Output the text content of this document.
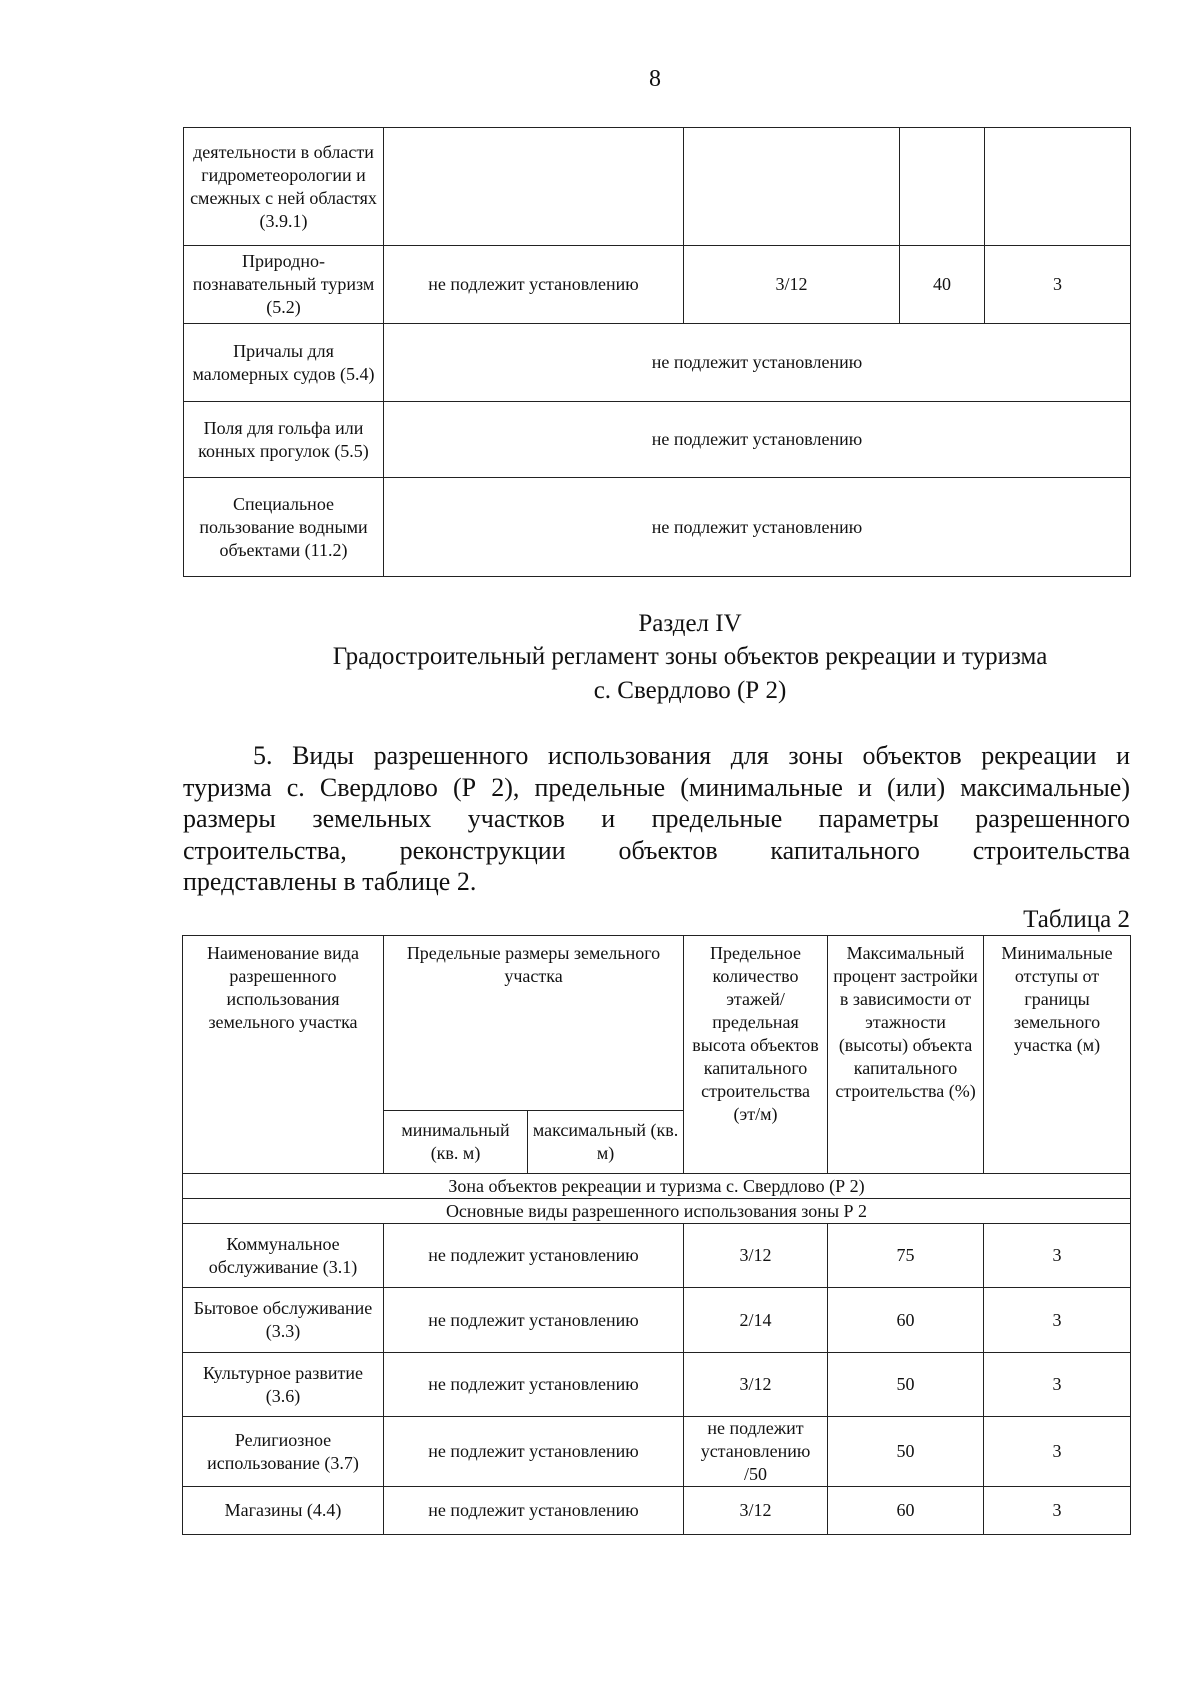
8
деятельности в области гидрометеорологии и смежных с ней областях (3.9.1)				
Природно-познавательный туризм (5.2)	не подлежит установлению	3/12	40	3
Причалы для маломерных судов (5.4)	не подлежит установлению			
Поля для гольфа или конных прогулок (5.5)	не подлежит установлению			
Специальное пользование водными объектами (11.2)	не подлежит установлению			
Раздел IV
Градостроительный регламент зоны объектов рекреации и туризма
с. Свердлово (Р 2)
5. Виды разрешенного использования для зоны объектов рекреации и
туризма с. Свердлово (Р 2), предельные (минимальные и (или) максимальные)
размеры земельных участков и предельные параметры разрешенного
строительства, реконструкции объектов капитального строительства
представлены в таблице 2.
Таблица 2
Наименование вида разрешенного использования земельного участка	Предельные размеры земельного участка		Предельное количество этажей/ предельная высота объектов капитального строительства (эт/м)	Максимальный процент застройки в зависимости от этажности (высоты) объекта капитального строительства (%)	Минимальные отступы от границы земельного участка (м)
	минимальный (кв. м)	максимальный (кв. м)			
Зона объектов рекреации и туризма с. Свердлово (Р 2)					
Основные виды разрешенного использования зоны Р 2					
Коммунальное обслуживание (3.1)	не подлежит установлению		3/12	75	3
Бытовое обслуживание (3.3)	не подлежит установлению		2/14	60	3
Культурное развитие (3.6)	не подлежит установлению		3/12	50	3
Религиозное использование (3.7)	не подлежит установлению		не подлежит установлению /50	50	3
Магазины (4.4)	не подлежит установлению		3/12	60	3
